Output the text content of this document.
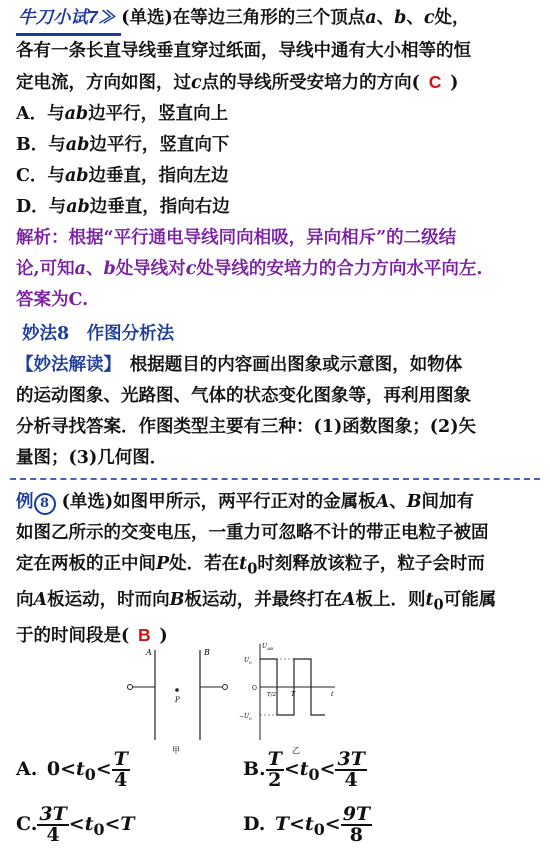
牛刀小试7≫ (单选)在等边三角形的三个顶点a、b、c处，
各有一条长直导线垂直穿过纸面，导线中通有大小相等的恒
定电流，方向如图，过c点的导线所受安培力的方向(  C  )
A．与ab边平行，竖直向上
B．与ab边平行，竖直向下
C．与ab边垂直，指向左边
D．与ab边垂直，指向右边
解析：根据“平行通电导线同向相吸，异向相斥”的二级结
论,可知a、b处导线对c处导线的安培力的合力方向水平向左.
答案为C.
妙法8　作图分析法
【妙法解读】　根据题目的内容画出图象或示意图，如物体
的运动图象、光路图、气体的状态变化图象等，再利用图象
分析寻找答案．作图类型主要有三种：(1)函数图象；(2)矢
量图；(3)几何图．
例 8 (单选)如图甲所示，两平行正对的金属板A、B间加有
如图乙所示的交变电压，一重力可忽略不计的带正电粒子被固
定在两板的正中间P处．若在$t_0$时刻释放该粒子，粒子会时而
向A板运动，时而向B板运动，并最终打在A板上．则$t_0$可能属
于的时间段是(  B  )
A	B
P
甲
$U_{AB}$
$U_0$
$-U_0$
O
T/2 T	t
乙
A.  $0<t_0< \frac{T}{4}$	B. $\frac{T}{2} <t_0< \frac{3T}{4}$
C. $\frac{3T}{4} <t_0<T$	D.  $T<t_0< \frac{9T}{8}$
